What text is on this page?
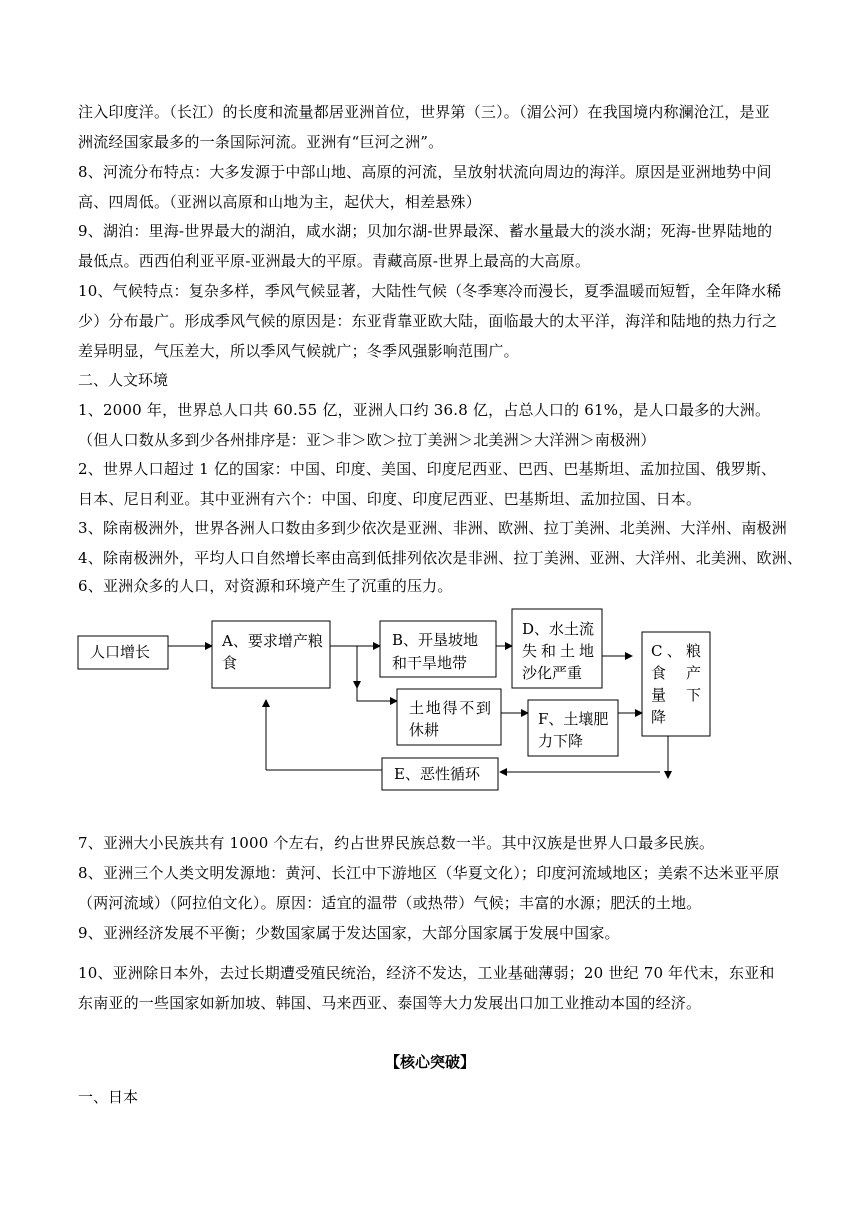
注入印度洋。（长江）的长度和流量都居亚洲首位，世界第（三）。（湄公河）在我国境内称澜沧江，是亚洲流经国家最多的一条国际河流。亚洲有“巨河之洲”。
8、河流分布特点：大多发源于中部山地、高原的河流，呈放射状流向周边的海洋。原因是亚洲地势中间高、四周低。（亚洲以高原和山地为主，起伏大，相差悬殊）
9、湖泊：里海-世界最大的湖泊，咸水湖；贝加尔湖-世界最深、蓄水量最大的淡水湖；死海-世界陆地的最低点。西西伯利亚平原-亚洲最大的平原。青藏高原-世界上最高的大高原。
10、气候特点：复杂多样，季风气候显著，大陆性气候（冬季寒冷而漫长，夏季温暖而短暂，全年降水稀少）分布最广。形成季风气候的原因是：东亚背靠亚欧大陆，面临最大的太平洋，海洋和陆地的热力行之差异明显，气压差大，所以季风气候就广；冬季风强影响范围广。
二、人文环境
1、2000 年，世界总人口共 60.55 亿，亚洲人口约 36.8 亿，占总人口的 61%，是人口最多的大洲。（但人口数从多到少各州排序是：亚＞非＞欧＞拉丁美洲＞北美洲＞大洋洲＞南极洲）
2、世界人口超过 1 亿的国家：中国、印度、美国、印度尼西亚、巴西、巴基斯坦、孟加拉国、俄罗斯、日本、尼日利亚。其中亚洲有六个：中国、印度、印度尼西亚、巴基斯坦、孟加拉国、日本。
3、除南极洲外，世界各洲人口数由多到少依次是亚洲、非洲、欧洲、拉丁美洲、北美洲、大洋州、南极洲
4、除南极洲外，平均人口自然增长率由高到低排列依次是非洲、拉丁美洲、亚洲、大洋州、北美洲、欧洲、
6、亚洲众多的人口，对资源和环境产生了沉重的压力。
人口增长
A、要求增产粮
食
B、开垦坡地
和干旱地带
D、水土流
失和土地
沙化严重
C、粮
食 产
量 下
降
土地得不到
休耕
F、土壤肥
力下降
E、恶性循环
7、亚洲大小民族共有 1000 个左右，约占世界民族总数一半。其中汉族是世界人口最多民族。
8、亚洲三个人类文明发源地：黄河、长江中下游地区（华夏文化）；印度河流域地区；美索不达米亚平原（两河流域）（阿拉伯文化）。原因：适宜的温带（或热带）气候；丰富的水源；肥沃的土地。
9、亚洲经济发展不平衡；少数国家属于发达国家，大部分国家属于发展中国家。
10、亚洲除日本外，去过长期遭受殖民统治，经济不发达，工业基础薄弱；20 世纪 70 年代末，东亚和东南亚的一些国家如新加坡、韩国、马来西亚、泰国等大力发展出口加工业推动本国的经济。
【核心突破】
一、日本
